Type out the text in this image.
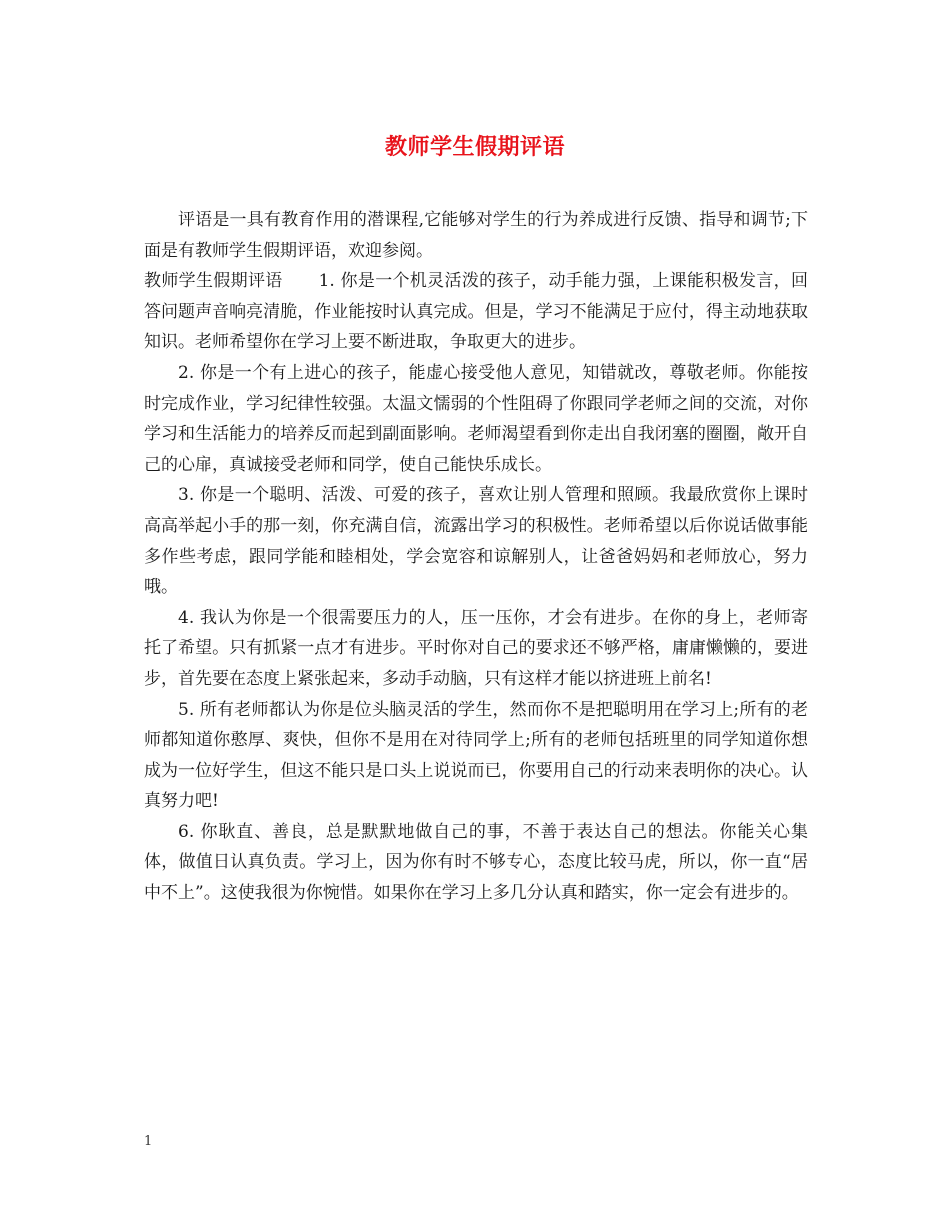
教师学生假期评语

评语是一具有教育作用的潜课程,它能够对学生的行为养成进行反馈、指导和调节;下面是有教师学生假期评语，欢迎参阅。

教师学生假期评语 1. 你是一个机灵活泼的孩子，动手能力强，上课能积极发言，回答问题声音响亮清脆，作业能按时认真完成。但是，学习不能满足于应付，得主动地获取知识。老师希望你在学习上要不断进取，争取更大的进步。

2. 你是一个有上进心的孩子，能虚心接受他人意见，知错就改，尊敬老师。你能按时完成作业，学习纪律性较强。太温文懦弱的个性阻碍了你跟同学老师之间的交流，对你学习和生活能力的培养反而起到副面影响。老师渴望看到你走出自我闭塞的圈圈，敞开自己的心扉，真诚接受老师和同学，使自己能快乐成长。

3. 你是一个聪明、活泼、可爱的孩子，喜欢让别人管理和照顾。我最欣赏你上课时高高举起小手的那一刻，你充满自信，流露出学习的积极性。老师希望以后你说话做事能多作些考虑，跟同学能和睦相处，学会宽容和谅解别人，让爸爸妈妈和老师放心，努力哦。

4. 我认为你是一个很需要压力的人，压一压你，才会有进步。在你的身上，老师寄托了希望。只有抓紧一点才有进步。平时你对自己的要求还不够严格，庸庸懒懒的，要进步，首先要在态度上紧张起来，多动手动脑，只有这样才能以挤进班上前名!

5. 所有老师都认为你是位头脑灵活的学生，然而你不是把聪明用在学习上;所有的老师都知道你憨厚、爽快，但你不是用在对待同学上;所有的老师包括班里的同学知道你想成为一位好学生，但这不能只是口头上说说而已，你要用自己的行动来表明你的决心。认真努力吧!

6. 你耿直、善良，总是默默地做自己的事，不善于表达自己的想法。你能关心集体，做值日认真负责。学习上，因为你有时不够专心，态度比较马虎，所以，你一直“居中不上”。这使我很为你惋惜。如果你在学习上多几分认真和踏实，你一定会有进步的。

1
